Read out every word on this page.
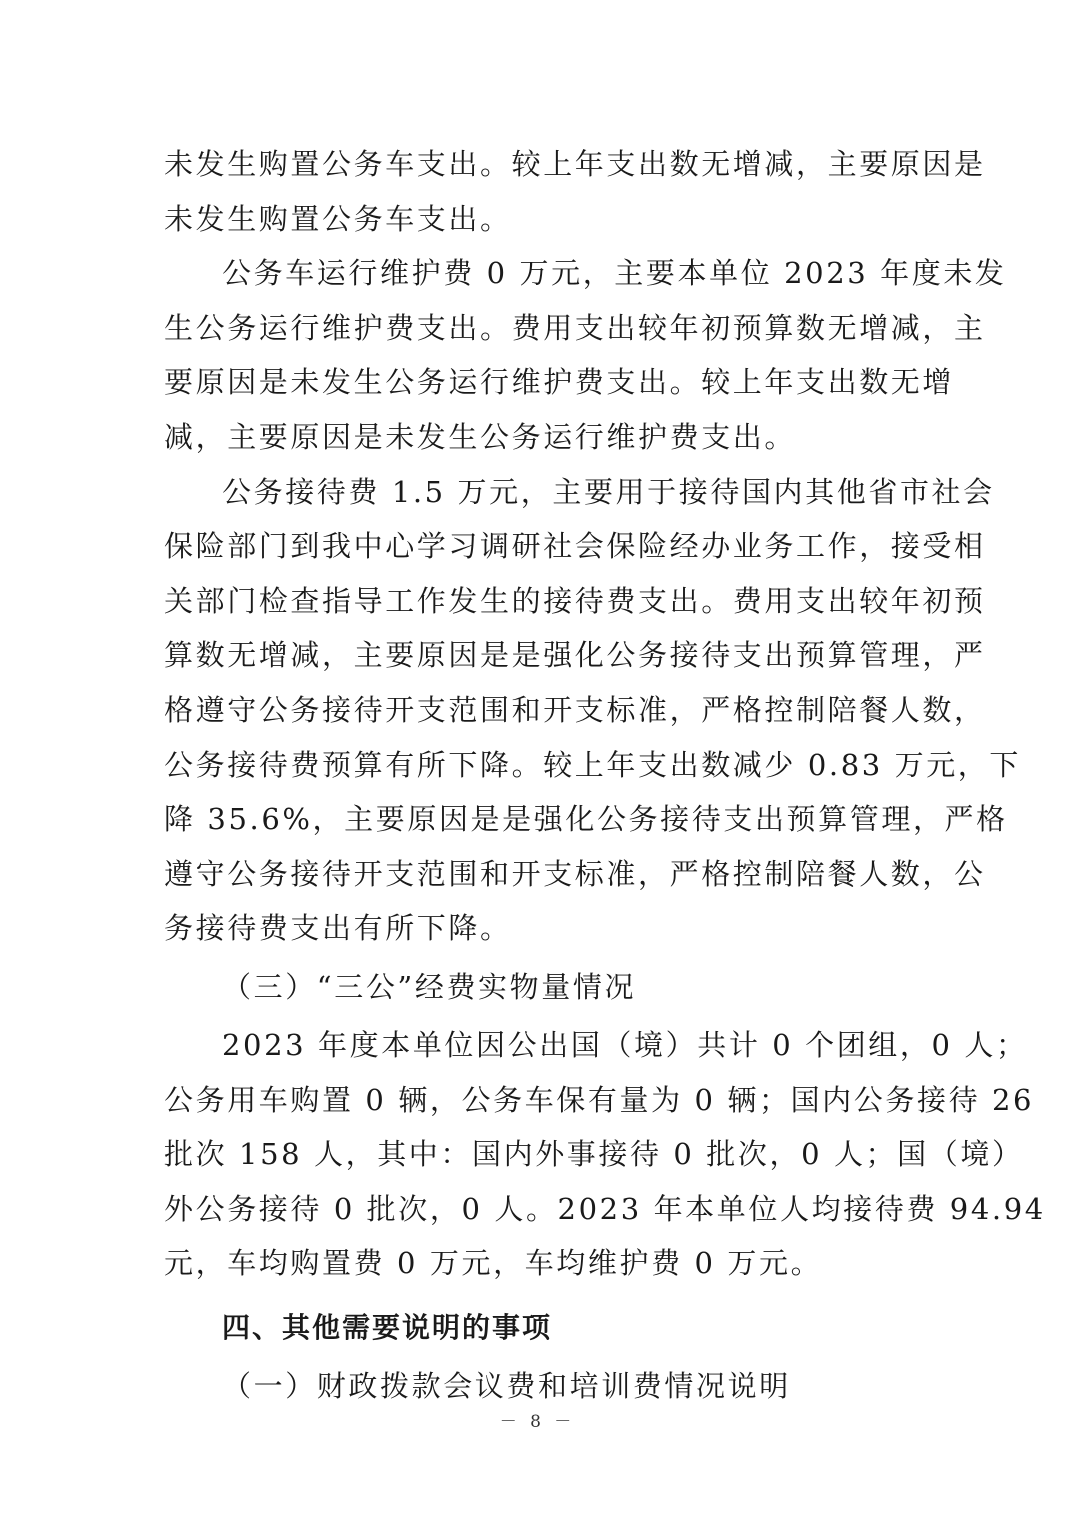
未发生购置公务车支出。较上年支出数无增减，主要原因是
未发生购置公务车支出。
公务车运行维护费 0 万元，主要本单位 2023 年度未发
生公务运行维护费支出。费用支出较年初预算数无增减，主
要原因是未发生公务运行维护费支出。较上年支出数无增
减，主要原因是未发生公务运行维护费支出。
公务接待费 1.5 万元，主要用于接待国内其他省市社会
保险部门到我中心学习调研社会保险经办业务工作，接受相
关部门检查指导工作发生的接待费支出。费用支出较年初预
算数无增减，主要原因是是强化公务接待支出预算管理，严
格遵守公务接待开支范围和开支标准，严格控制陪餐人数，
公务接待费预算有所下降。较上年支出数减少 0.83 万元，下
降 35.6%，主要原因是是强化公务接待支出预算管理，严格
遵守公务接待开支范围和开支标准，严格控制陪餐人数，公
务接待费支出有所下降。
（三）“三公”经费实物量情况
2023 年度本单位因公出国（境）共计 0 个团组，0 人；
公务用车购置 0 辆，公务车保有量为 0 辆；国内公务接待 26
批次 158 人，其中：国内外事接待 0 批次，0 人；国（境）
外公务接待 0 批次，0 人。2023 年本单位人均接待费 94.94
元，车均购置费 0 万元，车均维护费 0 万元。
四、其他需要说明的事项
（一）财政拨款会议费和培训费情况说明
－ 8 －
